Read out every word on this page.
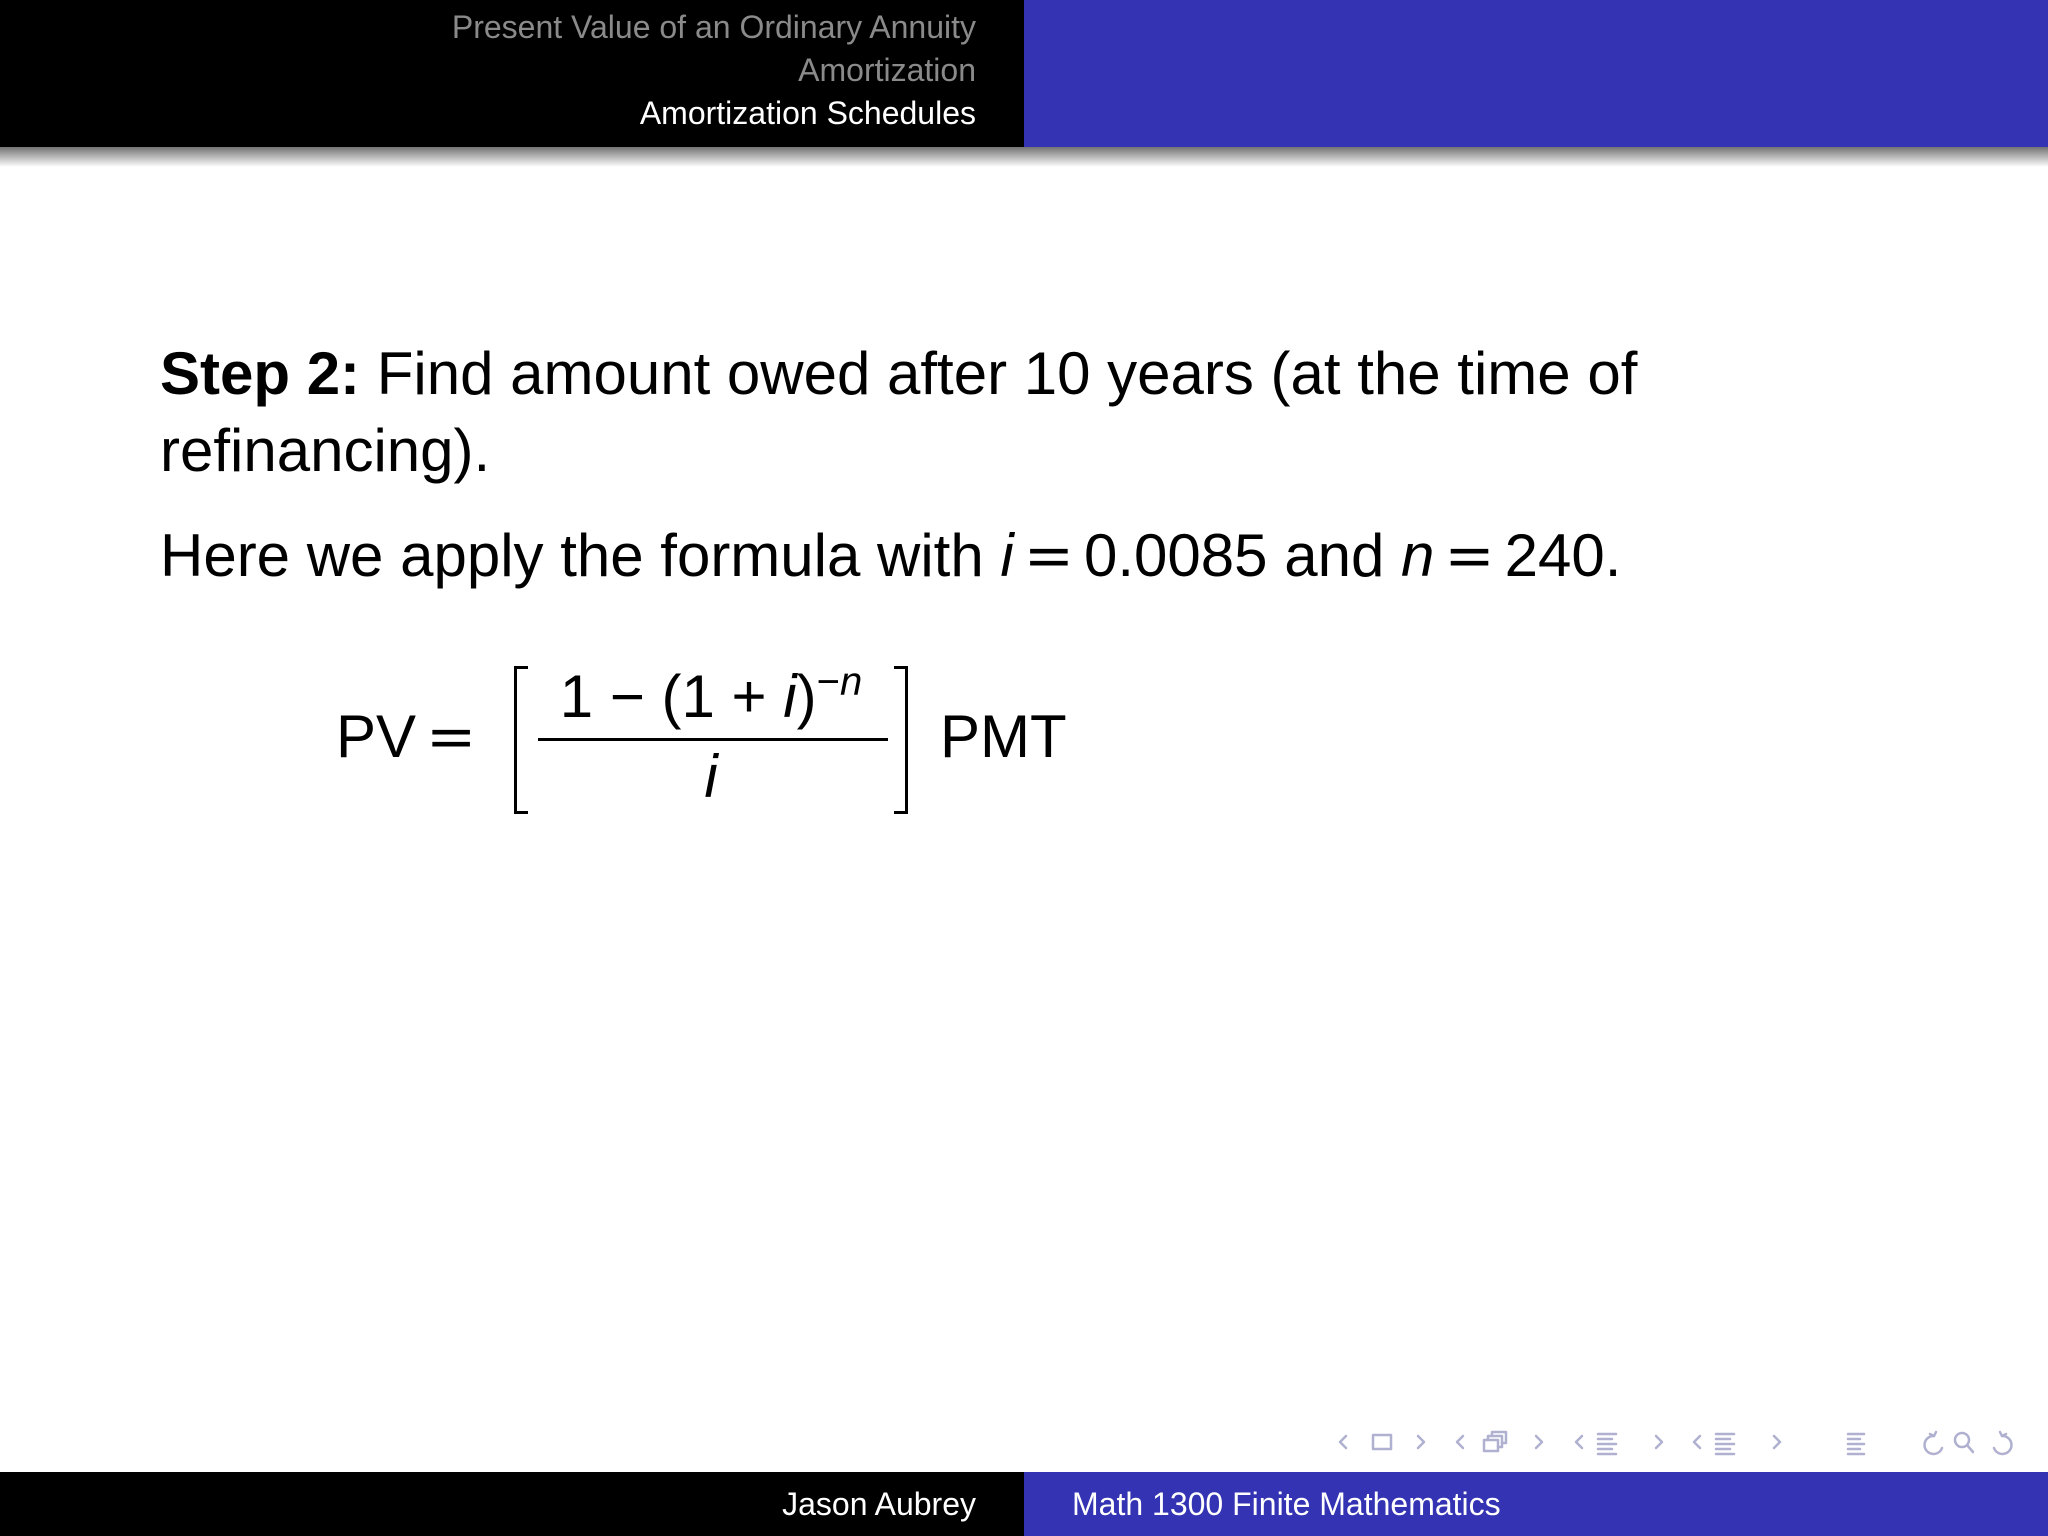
Present Value of an Ordinary Annuity
Amortization
Amortization Schedules

Step 2: Find amount owed after 10 years (at the time of refinancing).

Here we apply the formula with i = 0.0085 and n = 240.

PV =
$1 - (1 + i)^{-n}$
i
PMT
Jason Aubrey	Math 1300 Finite Mathematics
